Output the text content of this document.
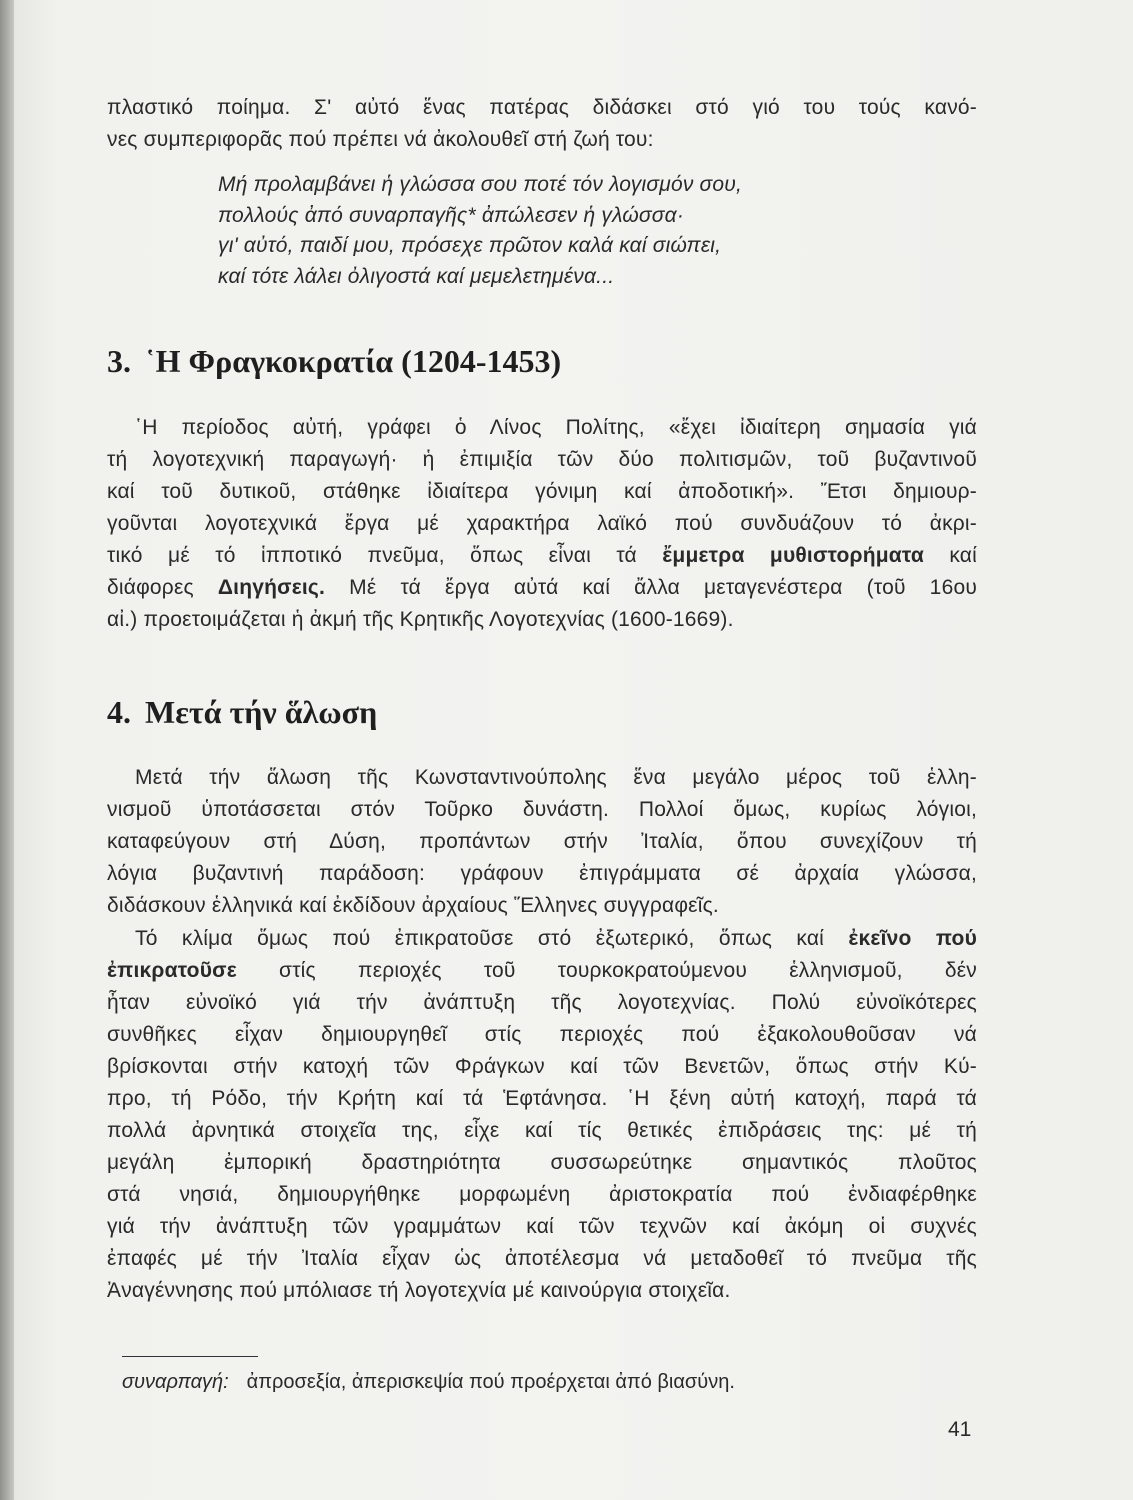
πλαστικό ποίημα. Σ' αὐτό ἕνας πατέρας διδάσκει στό γιό του τούς κανό-
νες συμπεριφορᾶς πού πρέπει νά ἀκολουθεῖ στή ζωή του:
Μή προλαμβάνει ἡ γλώσσα σου ποτέ τόν λογισμόν σου,
πολλούς ἀπό συναρπαγῆς* ἀπώλεσεν ἡ γλώσσα·
γι' αὐτό, παιδί μου, πρόσεχε πρῶτον καλά καί σιώπει,
καί τότε λάλει ὀλιγοστά καί μεμελετημένα...
3. ῾Η Φραγκοκρατία (1204-1453)
῾Η περίοδος αὐτή, γράφει ὁ Λίνος Πολίτης, «ἔχει ἰδιαίτερη σημασία γιά
τή λογοτεχνική παραγωγή· ἡ ἐπιμιξία τῶν δύο πολιτισμῶν, τοῦ βυζαντινοῦ
καί τοῦ δυτικοῦ, στάθηκε ἰδιαίτερα γόνιμη καί ἀποδοτική». Ἔτσι δημιουρ-
γοῦνται λογοτεχνικά ἔργα μέ χαρακτήρα λαϊκό πού συνδυάζουν τό ἀκρι-
τικό μέ τό ἱπποτικό πνεῦμα, ὅπως εἶναι τά ἔμμετρα μυθιστορήματα καί
διάφορες Διηγήσεις. Μέ τά ἔργα αὐτά καί ἄλλα μεταγενέστερα (τοῦ 16ου
αἰ.) προετοιμάζεται ἡ ἀκμή τῆς Κρητικῆς Λογοτεχνίας (1600-1669).
4. Μετά τήν ἅλωση
Μετά τήν ἅλωση τῆς Κωνσταντινούπολης ἕνα μεγάλο μέρος τοῦ ἑλλη-
νισμοῦ ὑποτάσσεται στόν Τοῦρκο δυνάστη. Πολλοί ὅμως, κυρίως λόγιοι,
καταφεύγουν στή Δύση, προπάντων στήν Ἰταλία, ὅπου συνεχίζουν τή
λόγια βυζαντινή παράδοση: γράφουν ἐπιγράμματα σέ ἀρχαία γλώσσα,
διδάσκουν ἑλληνικά καί ἐκδίδουν ἀρχαίους Ἕλληνες συγγραφεῖς.
Τό κλίμα ὅμως πού ἐπικρατοῦσε στό ἐξωτερικό, ὅπως καί ἐκεῖνο πού
ἐπικρατοῦσε στίς περιοχές τοῦ τουρκοκρατούμενου ἑλληνισμοῦ, δέν
ἦταν εὐνοϊκό γιά τήν ἀνάπτυξη τῆς λογοτεχνίας. Πολύ εὐνοϊκότερες
συνθῆκες εἶχαν δημιουργηθεῖ στίς περιοχές πού ἐξακολουθοῦσαν νά
βρίσκονται στήν κατοχή τῶν Φράγκων καί τῶν Βενετῶν, ὅπως στήν Κύ-
προ, τή Ρόδο, τήν Κρήτη καί τά Ἑφτάνησα. ῾Η ξένη αὐτή κατοχή, παρά τά
πολλά ἀρνητικά στοιχεῖα της, εἶχε καί τίς θετικές ἐπιδράσεις της: μέ τή
μεγάλη ἐμπορική δραστηριότητα συσσωρεύτηκε σημαντικός πλοῦτος
στά νησιά, δημιουργήθηκε μορφωμένη ἀριστοκρατία πού ἐνδιαφέρθηκε
γιά τήν ἀνάπτυξη τῶν γραμμάτων καί τῶν τεχνῶν καί ἀκόμη οἱ συχνές
ἐπαφές μέ τήν Ἰταλία εἶχαν ὡς ἀποτέλεσμα νά μεταδοθεῖ τό πνεῦμα τῆς
Ἀναγέννησης πού μπόλιασε τή λογοτεχνία μέ καινούργια στοιχεῖα.
συναρπαγή: ἀπροσεξία, ἀπερισκεψία πού προέρχεται ἀπό βιασύνη.
41
